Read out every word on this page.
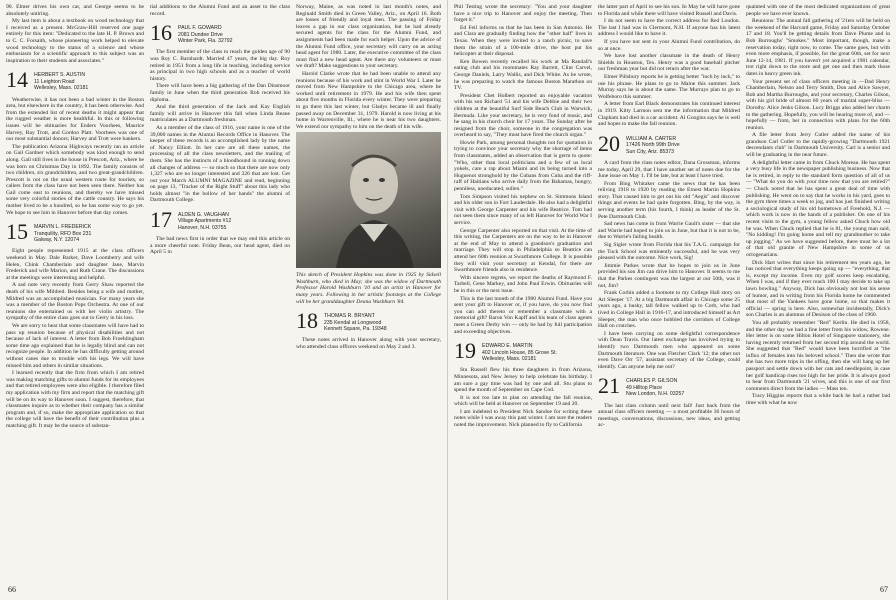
90. Elmer drives his own car, and George seems to be absolutely untiring.

My last item is about a textbook on wood technology that I received as a present. McGraw-Hill reserved one page entirely for this item: "Dedicated to the late H. P. Brown and to C. C. Forsaith, whose pioneering work helped to elevate wood technology to the status of a science and whose enthusiasm for a scientific approach to this subject was an inspiration to their students and associates."

14 HERBERT S. AUSTIN
11 Leighton Road
Wellesley, Mass. 02181

Weatherwise, it has not been a bad winter in the Boston area, but elsewhere in the country, it has been otherwise. And from the extended list of recent deaths it might appear that the rugged weather is more healthful. In this or following issues will be obituaries for Enders Voorhees, Maurice Harvey, Ray Trott, and Gordon Platt. Voorhees was one of our most substantial donors; Harvey and Trott were bankers.

The publication Arizona Highways recently ran an article on Gail Gardner which somebody was kind enough to send along. Gail still lives in the house in Prescott, Ariz., where he was born on Christmas Day in 1892. The family consists of two children, six grandchildren, and two great-grandchildren. Prescott is not on the usual western route for tourists, so callers from the class have not been seen there. Neither has Gail come east to reunions, and thereby we have missed some very colorful stories of the cattle country. He says his mother lived to be a hundred, so he has some way to go yet. We hope to see him in Hanover before that day comes.

15 MARVIN L. FREDERICK
Tranquility, RFD Box 231
Galway, N.Y. 12074

Eight people represented 1915 at the class officers weekend in May. Dale Barker, Dave Loomberry and wife Helen, Chink Chamberlain and daughter Jane, Marvin Frederick and wife Marion, and Ruth Crane. The discussions at the meetings were interesting and helpful.

A sad note very recently from Gerry Shaw reported the death of his wife Mildred. Besides being a wife and mother, Mildred was an accomplished musician. For many years she was a member of the Boston Pops Orchestra. At one of our reunions she entertained us with her violin artistry. The sympathy of the entire class goes out to Gerry in his loss.

We are sorry to hear that some classmates will have had to pass up reunion because of physical disabilities and not because of lack of interest. A letter from Bob Froehlingham some time ago explained that he is legally blind and can not recognize people. In addition he has difficulty getting around without canes due to trouble with his legs. We will have missed him and others in similar situations.

I learned recently that the firm from which I am retired was making matching gifts to alumni funds for its employees and that retired employees were also eligible. I therefore filed my application with my firm and report that the matching gift will be on its way to Hanover soon. I suggest, therefore, that classmates inquire as to whether their company has a similar program and, if so, make the appropriate application so that the college will have the benefit of their contribution plus a matching gift. It may be the source of substan-

tial additions to the Alumni Fund and an asset to the class record.

16 PAUL F. GOWARD
2081 Dundee Drive
Winter Park, Fla. 32792

The first member of the class to reach the golden age of 90 was Roy C. Barnhardt. Married 47 years, the big day. Roy retired in 1951 from a long life in teaching, including service as principal in two high schools and as a teacher of world history.

There will have been a big gathering of the Dan Dinsmoor family in June when the third generation Rob received his diploma.

And the third generation of the Jack and Kay English family will arrive in Hanover this fall when Linda Beane matriculates as a Dartmouth freshman.

As a member of the class of 1916, your name is one of the 39,000 names in the Alumni Records Office in Hanover. The keeper of these records is an accomplished lady by the name of Nancy Elliott. In her care are all these names, the processing of all the class newsletters, and the mailing of them. She has the instincts of a bloodhound in running down all changes of address — so much so that there are now only 1,327 who are no longer interested and 326 that are lost. Get out your March ALUMNI MAGAZINE and read, beginning on page 13, "Tracker of the Right Stuff" about this lady who holds almost "in the hollow of her hands" the alumni of Dartmouth College.

17 ALDEN G. VAUGHAN
Village Apartments #12
Hanover, N.H. 03755

The bad news first in order that we may end this article on a more cheerful note. Friday Bean, our head agent, died on April 5 in

Norway, Maine, as was noted in last month's notes, and Reginald Smith died in Green Valley, Ariz., on April 16. Both are losses of friendly and loyal men. The passing of Friday leaves a gap in our class organization, but he had already secured agents for the class for the Alumni Fund, and assignments had been made for each helper. Upon the advice of the Alumni Fund office, your secretary will carry on as acting head agent for 1980. Later, the executive committee of the class must find a new head agent. Are there any volunteers or must we draft? Make suggestions to your secretary.

Harold Clarke wrote that he had been unable to attend any reunions because of his work and stint in World War I. Later he moved from New Hampshire to the Chicago area, where he worked until retirement in 1979. He and his wife then spent about five months in Florida every winter. They were preparing to go there this last winter, but Gladys became ill and finally passed away on December 31, 1979. Harold is now living at his home in Warrenville, Ill., where he is near his two daughters. We extend our sympathy to him on the death of his wife.

This sketch of President Hopkins was done in 1925 by Sidsell Washburn, who died in May; she was the widow of Dartmouth Professor Harold Washburn '10 and an artist in Hanover for many years. Following in her artistic footsteps at the College will be her granddaughter Deana Washburn '84.
18 THOMAS R. BRYANT
235 Kendal at Longwood
Kennett Square, Pa. 19348

These notes arrived in Hanover along with your secretary, who attended class officers weekend on May 2 and 3.

66

Phil Testing wrote the secretary: "You and your daughter have a nice trip to Hanover and enjoy the meeting. Then forget it."

Ed Feil informs us that he has been in San Antonio. He and Clara are gradually finding how the "other half" lives in Texas. When they were invited to a ranch picnic, to save them the strain of a 100-mile drive, the host put his helicopter at their disposal.

Ken Bowen recently recalled his work at Ma Randall's eating club and his roommates Ray Barrett, Clint Carvel, George Daniels, Larry Wallis, and Dick White. As he wrote, he was preparing to watch the famous Boston Marathon on TV.

President Chet Holbert reported an enjoyable vacation with his son Richard '51 and his wife Debbie and their two children at the beautiful Surf Side Beach Club in Warwick, Bermuda. Like your secretary, he is very fond of music, and he sang in his church choir for 17 years. The Sunday after he resigned from the choir, someone in the congregation was overheard to say, "They must have fired the church organ."

Howie Park, among personal thoughts not for quotation in trying to convince your secretary why the shortage of items from classmates, added an observation that is germ to quote: "Who, other than local politicians and a few of us local yokels, care a rap about Miami and its being turned into a Huguenot stronghold by the Cubans from Cuba and the riff-raff of Haitians who arrive daily from the Bahamas, hungry, penniless, uneducated, sullen."

Tom Simpson visited his nephew on St. Simmons Island and his older son in Fort Lauderdale. He also had a delightful visit with George Carpenter and his wife Beatrice. Tom had not seen them since many of us left Hanover for World War I service.

George Carpenter also reported on that visit. At the time of this writing, the Carpenters are on the way to be in Hanover at the end of May to attend a grandson's graduation and marriage. They will stop in Philadelphia so Beatrice can attend her 60th reunion at Swarthmore College. It is possible they will visit your secretary at Kendal, for there are Swarthmore friends also in residence.

With sincere regrets, we report the deaths of Raymond F. Tarbell, Gene Markey, and John Paul Erwin. Obituaries will be in this or the next issue.

This is the last month of the 1980 Alumni Fund. Have you sent your gift to Hanover or, if you have, do you now find you can add thereto or remember a classmate with a memorial gift? Baron Von Kapff and his team of class agents meet a Green Derby win — only be had by full participation and exceeding objectives.

19 EDWARD E. MARTIN
402 Lincoln House, 85 Grove St.
Wellesley, Mass. 02181

Stu Russell flew his three daughters in from Arizona, Minnesota, and New Jersey to help celebrate his birthday. I am sure a gay time was had by one and all. Stu plans to spend the month of September on Cape Cod.

It is not too late to plan on attending the fall reunion, which will be held at Hanover on September 19 and 20.

I am indebted to President Nick Sandoe for writing these notes while I was away this past winter. I am sure the readers noted the improvement. Nick planned to fly to California

the latter part of April to see his son. In May he will have gone to Florida and while there will have visited Russell and Davis.

I do not seem to have the correct address for Red Loudon. The last I had was in Clermont, N.H. If anyone has his latest address I would like to have it.

If you have not sent in your Alumni Fund contribution, do so at once.

We have lost another classmate in the death of Henry Shields in Houston, Tex. Henry was a good baseball pitcher our freshman year but did not return after the war.

Elmer Pillsbury reports he is getting better "inch by inch," to use his phrase. He plans to go to Maine this summer. Jack Murray says he is about the same. The Murrays plan to go to Wolfeboro this summer.

A letter from Earl Black demonstrates his continued interest in 1919. Kitty Larmon sent me the information that Mildred Clapham had died in a car accident. Al Googins says he is well and hopes to make the fall reunion.

20 WILLIAM A. CARTER
17426 North 99th Drive
Sun City, Ariz. 85373

A card from the class notes editor, Dana Grossman, informs me today, April 29, that I have another set of notes due for the June issue on May 1. I'll be late, but at least I have tried.

From Bing Whitaker came the news that he has been reliving 1918 to 1920 by reading the Ernest Martin Hopkins story. That caused him to get out his old "Aegis" and discover things and events he had quite forgotten. Bing, by the way, is serving another term (his fourth, I think) as leader of the St. Pete Dartmouth Club.

Sad news has come in from Warrie Gault's sister — that she and Warrie had hoped to join us in June, but that it is not to be, due to Warrie's failing health.

Sig Sigler wrote from Florida that his T.A.G. campaign for the Tuck School was eminently successful, and he was very pleased with the outcome. Nice work, Sig!

Jimmie Parkes wrote that he hopes to join us in June provided his son Jim can drive him to Hanover. It seems to me that the Parkes contingent was the largest at our 50th, was it not, Jim?

Frank Corbin added a footnote to my College Hall story on Art Sleeper '17. At a big Dartmouth affair in Chicago some 25 years ago, a husky, tall fellow walked up to Corb, who had lived in College Hall in 1916-17, and introduced himself as Art Sleeper, the man who once hobbled the corridors of College Hall on crutches.

I have been carrying on some delightful correspondence with Dean Travis. Our latest exchange has involved trying to identify two Dartmouth men who appeared on some Dartmouth literature. One was Fletcher Clark '12; the other not even Dave Orr '57, assistant secretary of the College, could identify. Can anyone help me out?

21 CHARLES P. GILSON
49 Hilltop Place
New London, N.H. 03257

The last class column until next fall! Just back from the annual class officers meeting — a most profitable 36 hours of meetings, conversations, discussions, new ideas, and getting ac-

quainted with one of the most dedicated organizations of great people we have ever known.

Reunions: The annual fall gathering of '21ers will be held on the weekend of the Harvard game, Friday and Saturday October 17 and 18. You'll be getting details from Dave Plume and in Bob Burroughs' "Smokes." Most important, though, make a reservation today, right now, to come. The same goes, but with even more emphasis, if possible, for the great 60th, set for next June 12-14, 1981. If you haven't yet acquired a 1981 calendar, trot right down to the store and get one and then mark those dates in heavy green ink.

Your present set of class officers meeting in —Dad Henry Chamberlain, Nelson and Terry Smith, Don and Alice Sawyer, Bob and Martha Burroughs, and your secretary, Charles Gilson, with his girl bride of almost 60 years of marital super-bliss — Dorothy. Alice Jenks Gilson. Lucy Briggs also added her charm to the gathering. Hopefully, you will be hearing more of, and — hopefully — from, her in connection with plans for the 60th reunion.

A file letter from Jerry Cutler added the name of his grandson Carl Cutler to the rapidly-growing "Dartmouth 1921 descendants club" in Dartmouth University. Carl is a senior and will be graduating in the near future.

A delightful letter came in from Chuck Moreau. He has spent a very busy life in the newspaper publishing business. Now that he is retired, in reply to the standard form question of all of us — "What do you do with your time now that you are retired?" — Chuck noted that he has spent a great deal of time with publishing. He went on to say that he works in his yard, goes to the gym three times a week to jog, and has just finished writing a sociological study of his old hometown of Freehold, N.J. — which work is now in the hands of a publisher. On one of his recent visits to the gym, a young fellow asked Chuck how old he was. When Chuck replied that he is 81, the young man said, "No kidding! I'm going home and tell my grandmother to take up jogging." As we have suggested before, there must be a lot of that old granite of New Hampshire in some of us octogenarians.

Dick Hart writes that since his retirement ten years ago, he has noticed that everything keeps going up — "everything, that is, except my income. Even my golf scores keep escalating. When I was, and if they ever reach 100 I may decide to take up lawn bowling." Anyway, Dick has obviously not lost his sense of humor, and in writing from his Florida home he commented that most of the Yankees have gone home, so that makes it official — spring is here. Also, somewhat incidentally, Dick's son Charles is an alumnus of Denison of the class of 1960.

You all probably remember "Red" Kerlin. He died in 1958, and the other day we had a fine letter from his widow, Rowene. Her letter is on some Hilton Hotel of Singapore stationery, she having recently returned from her second trip around the world. She suggested that "Red" would have been horrified at "the influx of females into his beloved school." Then she wrote that she has two more trips in the offing, then she will hang up her passport and settle down with her cats and needlepoint, in case her golf handicap rises too high for her pride. It is always good to hear from Dartmouth '21 wives, and this is one of our first comments direct from the ladies — Mass ten.

Tracy Higgins reports that a while back he had a rather bad time with what he now

67
